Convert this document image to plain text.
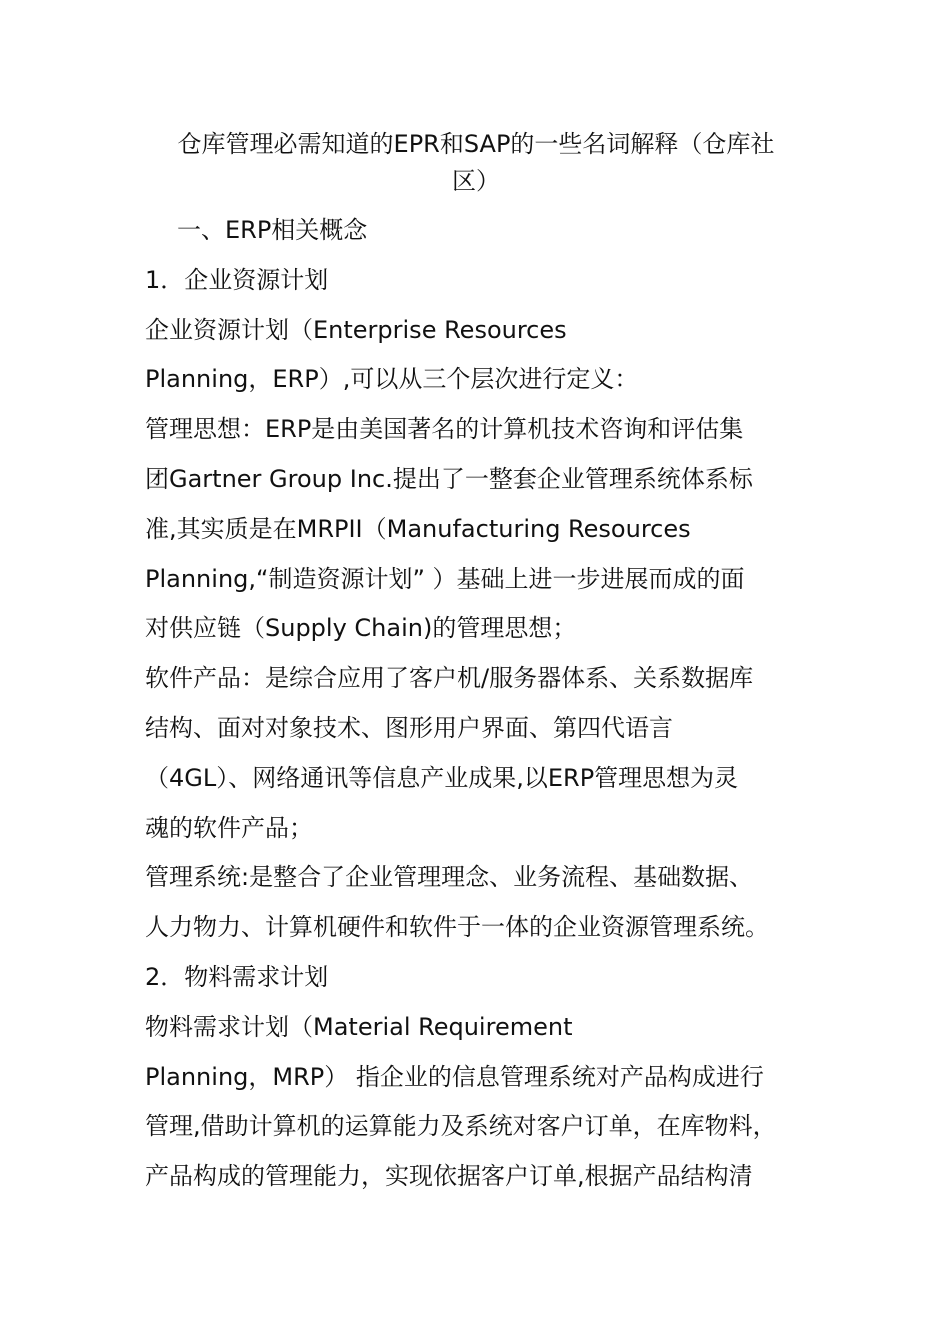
仓库管理必需知道的EPR和SAP的一些名词解释（仓库社
区）
一、ERP相关概念
1．企业资源计划
企业资源计划（Enterprise Resources
Planning，ERP）,可以从三个层次进行定义：
管理思想：ERP是由美国著名的计算机技术咨询和评估集
团Gartner Group Inc.提出了一整套企业管理系统体系标
准,其实质是在MRPII（Manufacturing Resources
Planning,“制造资源计划” ）基础上进一步进展而成的面
对供应链（Supply Chain)的管理思想；
软件产品：是综合应用了客户机/服务器体系、关系数据库
结构、面对对象技术、图形用户界面、第四代语言
（4GL）、网络通讯等信息产业成果,以ERP管理思想为灵
魂的软件产品；
管理系统:是整合了企业管理理念、业务流程、基础数据、
人力物力、计算机硬件和软件于一体的企业资源管理系统。
2．物料需求计划
物料需求计划（Material Requirement
Planning，MRP） 指企业的信息管理系统对产品构成进行
管理,借助计算机的运算能力及系统对客户订单，在库物料，
产品构成的管理能力，实现依据客户订单,根据产品结构清
